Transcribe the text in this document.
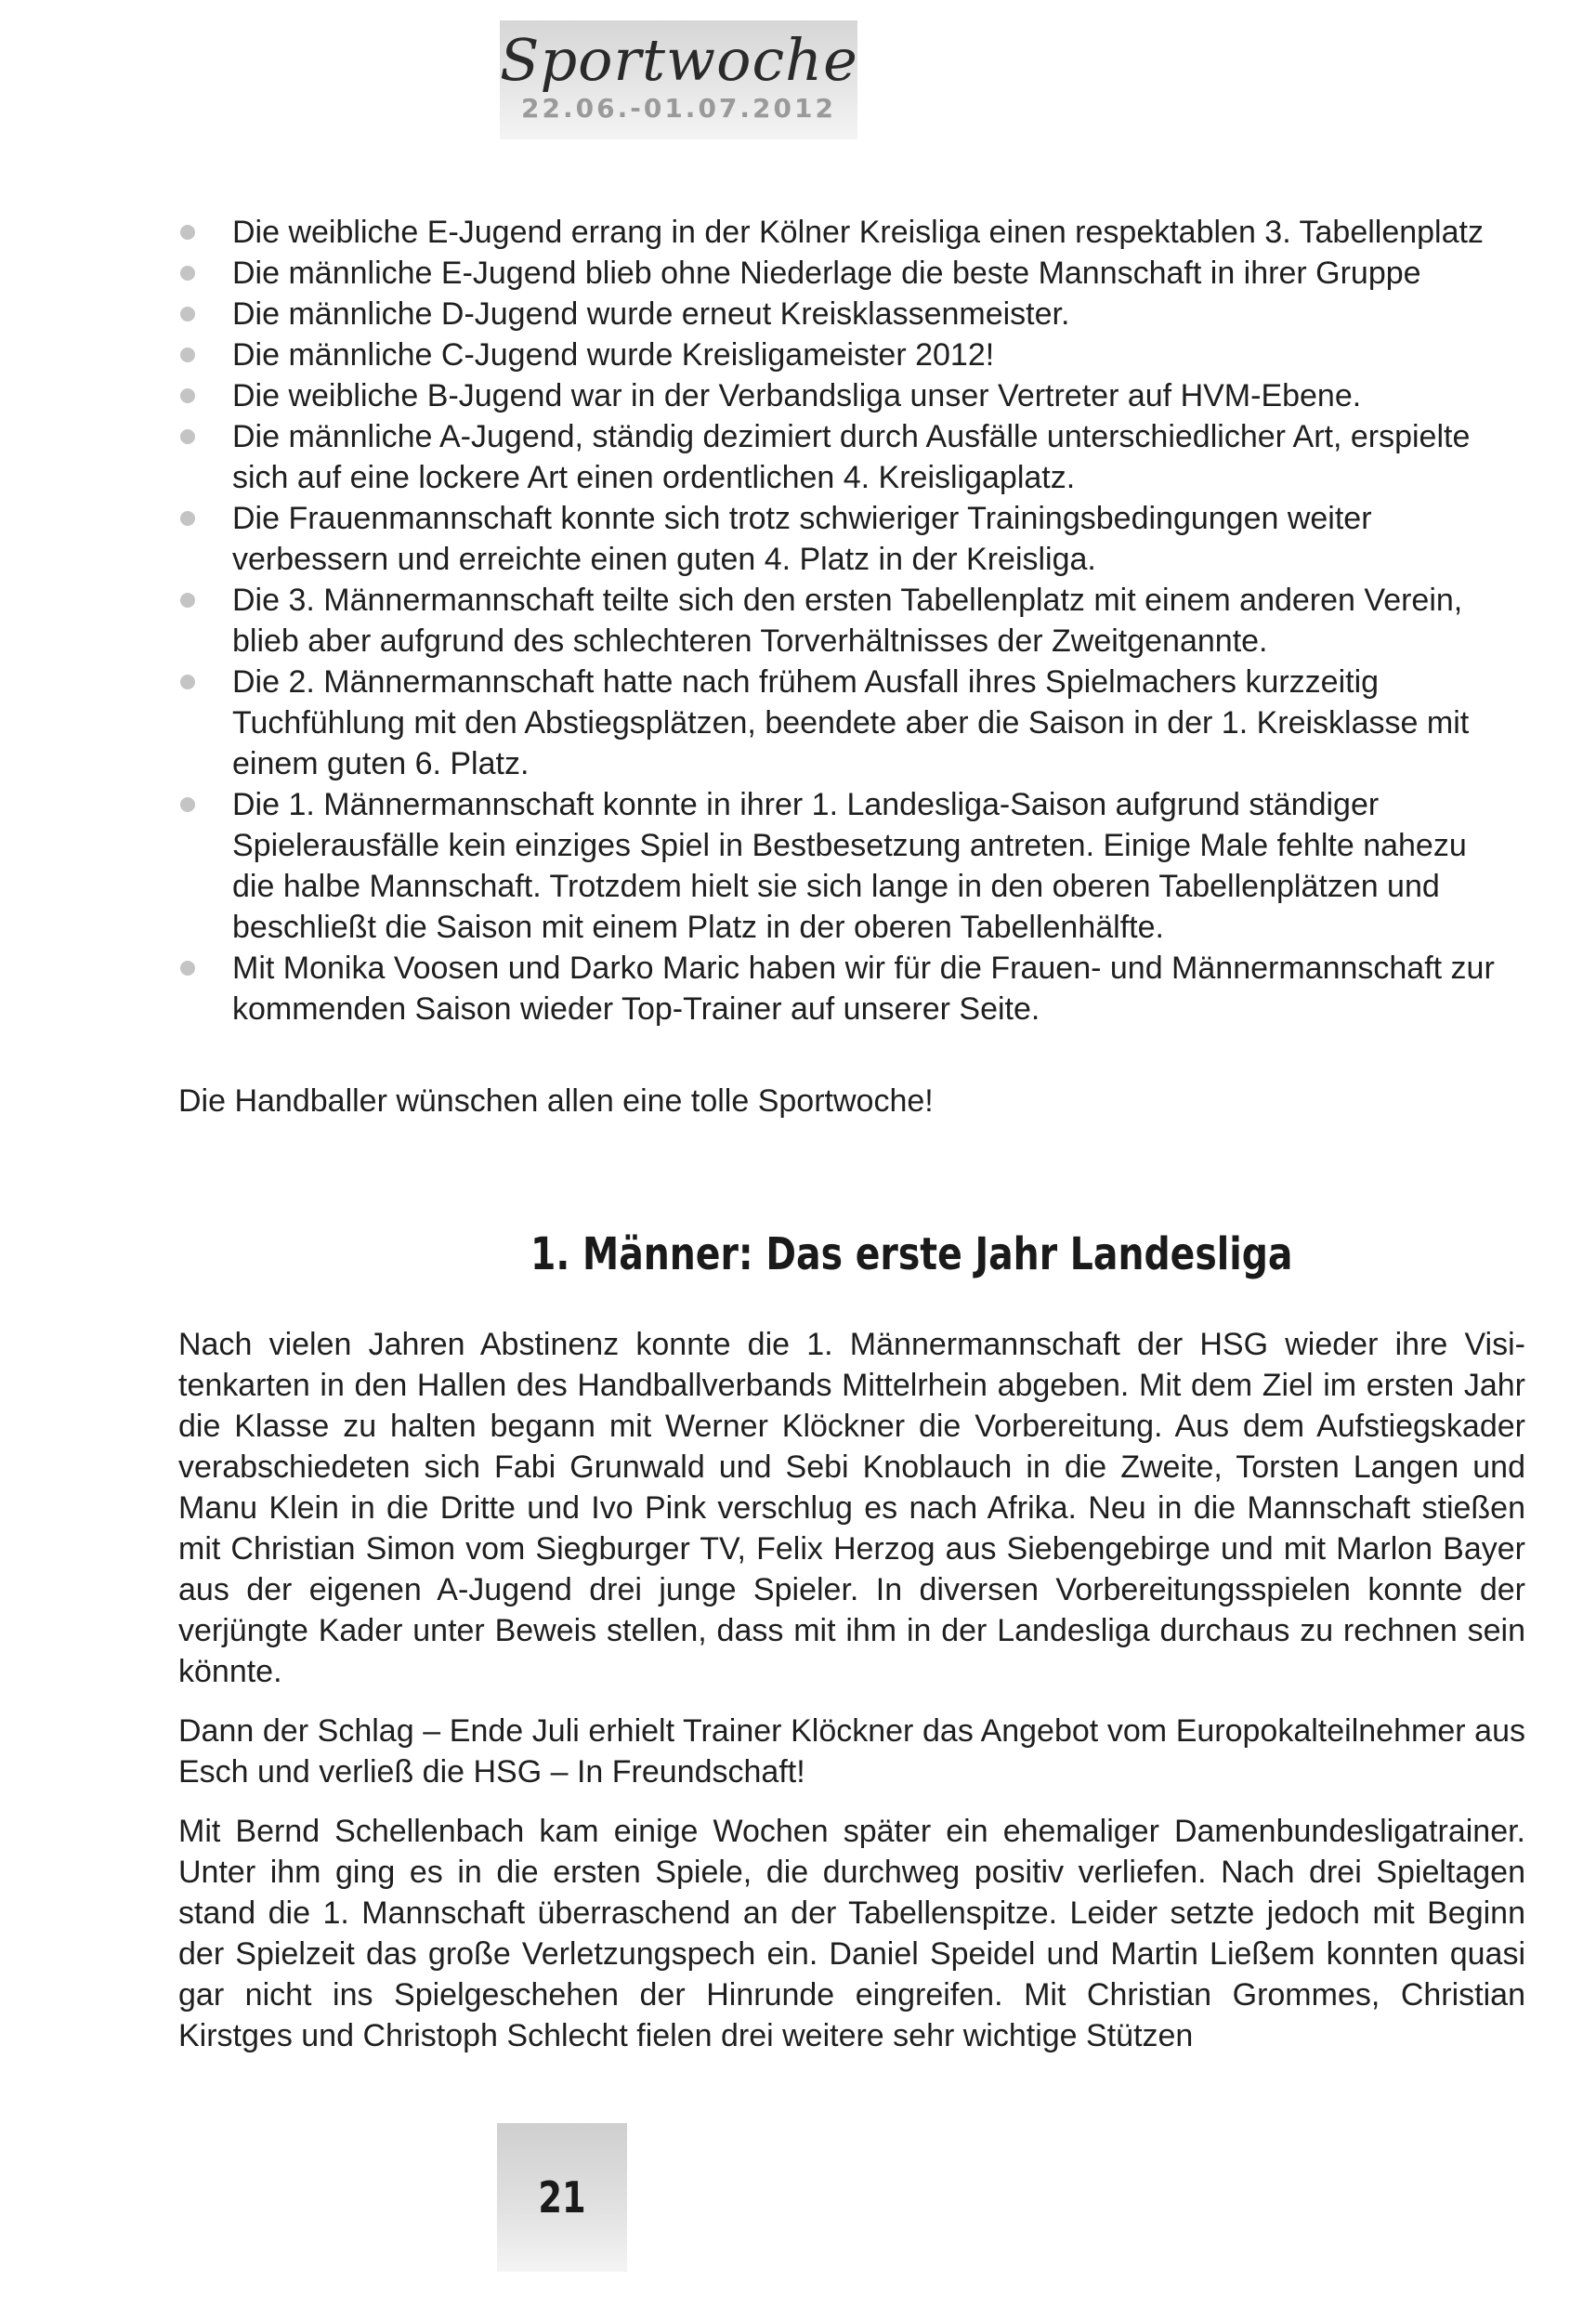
Sportwoche
22.06.-01.07.2012
Die weibliche E-Jugend errang in der Kölner Kreisliga einen respektablen 3. Tabellenplatz
Die männliche E-Jugend blieb ohne Niederlage die beste Mannschaft in ihrer Gruppe
Die männliche D-Jugend wurde erneut Kreisklassenmeister.
Die männliche C-Jugend wurde Kreisligameister 2012!
Die weibliche B-Jugend war in der Verbandsliga unser Vertreter auf HVM-Ebene.
Die männliche A-Jugend, ständig dezimiert durch Ausfälle unterschiedlicher Art, erspielte sich auf eine lockere Art einen ordentlichen 4. Kreisligaplatz.
Die Frauenmannschaft konnte sich trotz schwieriger Trainingsbedingungen weiter verbessern und erreichte einen guten 4. Platz in der Kreisliga.
Die 3. Männermannschaft teilte sich den ersten Tabellenplatz mit einem anderen Verein, blieb aber aufgrund des schlechteren Torverhältnisses der Zweitgenannte.
Die 2. Männermannschaft hatte nach frühem Ausfall ihres Spielmachers kurzzeitig Tuchfühlung mit den Abstiegsplätzen, beendete aber die Saison in der 1. Kreisklasse mit einem guten 6. Platz.
Die 1. Männermannschaft konnte in ihrer 1. Landesliga-Saison aufgrund ständiger Spielerausfälle kein einziges Spiel in Bestbesetzung antreten. Einige Male fehlte nahezu die halbe Mannschaft. Trotzdem hielt sie sich lange in den oberen Tabellenplätzen und beschließt die Saison mit einem Platz in der oberen Tabellenhälfte.
Mit Monika Voosen und Darko Maric haben wir für die Frauen- und Männermannschaft zur kommenden Saison wieder Top-Trainer auf unserer Seite.

Die Handballer wünschen allen eine tolle Sportwoche!

1. Männer: Das erste Jahr Landesliga

Nach vielen Jahren Abstinenz konnte die 1. Männermannschaft der HSG wieder ihre Visitenkarten in den Hallen des Handballverbands Mittelrhein abgeben. Mit dem Ziel im ersten Jahr die Klasse zu halten begann mit Werner Klöckner die Vorbereitung. Aus dem Aufstiegskader verabschiedeten sich Fabi Grunwald und Sebi Knoblauch in die Zweite, Torsten Langen und Manu Klein in die Dritte und Ivo Pink verschlug es nach Afrika. Neu in die Mannschaft stießen mit Christian Simon vom Siegburger TV, Felix Herzog aus Siebengebirge und mit Marlon Bayer aus der eigenen A-Jugend drei junge Spieler. In diversen Vorbereitungsspielen konnte der verjüngte Kader unter Beweis stellen, dass mit ihm in der Landesliga durchaus zu rechnen sein könnte.

Dann der Schlag – Ende Juli erhielt Trainer Klöckner das Angebot vom Europokalteilnehmer aus Esch und verließ die HSG – In Freundschaft!

Mit Bernd Schellenbach kam einige Wochen später ein ehemaliger Damenbundesligatrainer. Unter ihm ging es in die ersten Spiele, die durchweg positiv verliefen. Nach drei Spieltagen stand die 1. Mannschaft überraschend an der Tabellenspitze. Leider setzte jedoch mit Beginn der Spielzeit das große Verletzungspech ein. Daniel Speidel und Martin Ließem konnten quasi gar nicht ins Spielgeschehen der Hinrunde eingreifen. Mit Christian Grommes, Christian Kirstges und Christoph Schlecht fielen drei weitere sehr wichtige Stützen

21
